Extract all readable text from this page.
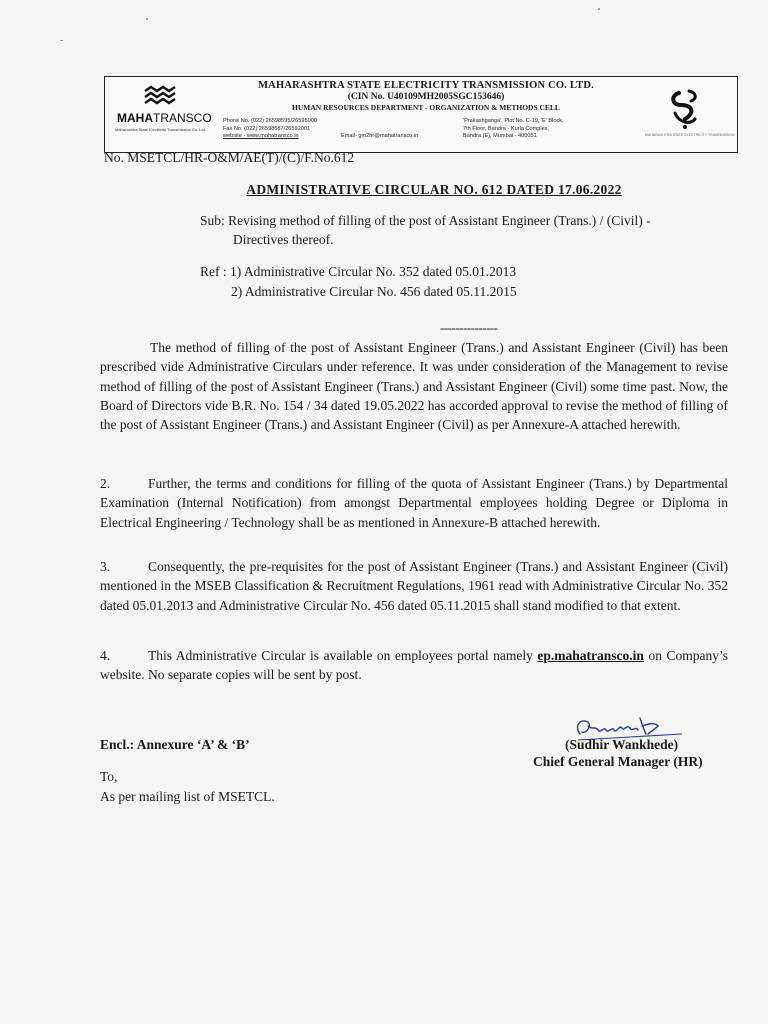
MAHATRANSCO
Maharashtra State Electricity Transmission Co. Ltd.
MAHARASHTRA STATE ELECTRICITY TRANSMISSION CO. LTD.
(CIN No. U40109MH2005SGC153646)
HUMAN RESOURCES DEPARTMENT - ORGANIZATION & METHODS CELL
Phone No. (022) 26598595/26595000
Fax No. (022) 26598587/26592001
website - www.mahatransco.in	Email- gm2hr@mahatransco.in
'Prakashganga', Plot No. C-19, 'E' Block,
7th Floor, Bandra - Kurla Complex,
Bandra (E), Mumbai - 400051	MAHARASHTRA STATE ELECTRICITY TRANSMISSION
No. MSETCL/HR-O&M/AE(T)/(C)/F.No.612
ADMINISTRATIVE CIRCULAR NO. 612 DATED 17.06.2022
Sub: Revising method of filling of the post of Assistant Engineer (Trans.) / (Civil) -
Directives thereof.
Ref : 1) Administrative Circular No. 352 dated 05.01.2013
2) Administrative Circular No. 456 dated 05.11.2015
---------------
The method of filling of the post of Assistant Engineer (Trans.) and Assistant Engineer (Civil) has been prescribed vide Administrative Circulars under reference. It was under consideration of the Management to revise method of filling of the post of Assistant Engineer (Trans.) and Assistant Engineer (Civil) some time past. Now, the Board of Directors vide B.R. No. 154 / 34 dated 19.05.2022 has accorded approval to revise the method of filling of the post of Assistant Engineer (Trans.) and Assistant Engineer (Civil) as per Annexure-A attached herewith.
2.	Further, the terms and conditions for filling of the quota of Assistant Engineer (Trans.) by Departmental Examination (Internal Notification) from amongst Departmental employees holding Degree or Diploma in Electrical Engineering / Technology shall be as mentioned in Annexure-B attached herewith.
3.	Consequently, the pre-requisites for the post of Assistant Engineer (Trans.) and Assistant Engineer (Civil) mentioned in the MSEB Classification & Recruitment Regulations, 1961 read with Administrative Circular No. 352 dated 05.01.2013 and Administrative Circular No. 456 dated 05.11.2015 shall stand modified to that extent.
4.	This Administrative Circular is available on employees portal namely ep.mahatransco.in on Company’s website. No separate copies will be sent by post.
Encl.: Annexure ‘A’ & ‘B’	(Sudhir Wankhede)
Chief General Manager (HR)
To,
As per mailing list of MSETCL.
